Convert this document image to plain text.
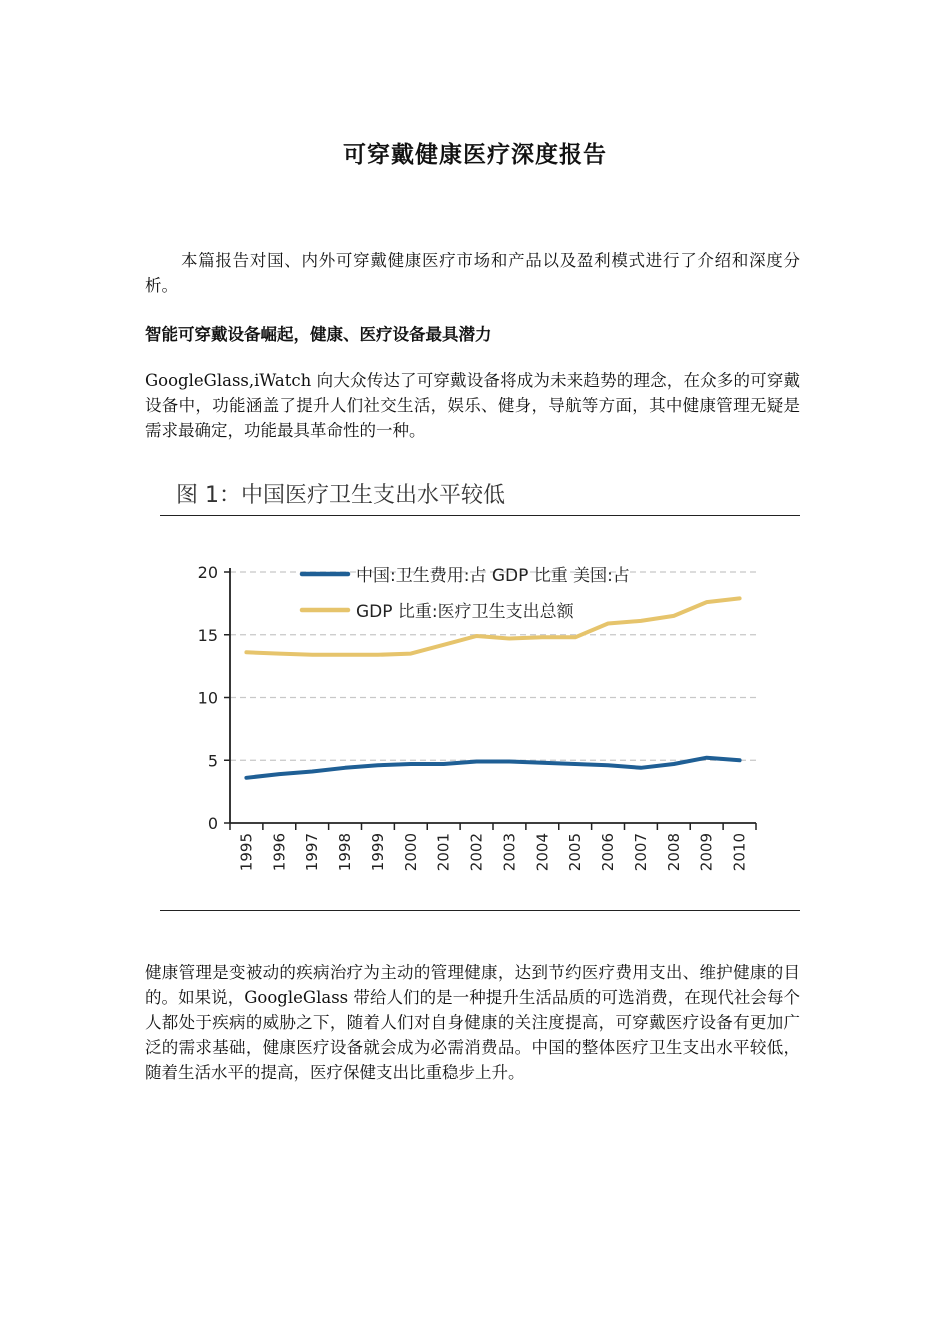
可穿戴健康医疗深度报告

本篇报告对国、内外可穿戴健康医疗市场和产品以及盈利模式进行了介绍和深度分析。

智能可穿戴设备崛起，健康、医疗设备最具潜力

GoogleGlass,iWatch 向大众传达了可穿戴设备将成为未来趋势的理念，在众多的可穿戴设备中，功能涵盖了提升人们社交生活，娱乐、健身，导航等方面，其中健康管理无疑是需求最确定，功能最具革命性的一种。

图 1：中国医疗卫生支出水平较低
0
5
10
15
20
1995 1996 1997 1998 1999 2000 2001 2002 2003 2004 2005 2006 2007 2008 2009 2010
中国:卫生费用:占 GDP 比重 美国:占
GDP 比重:医疗卫生支出总额

健康管理是变被动的疾病治疗为主动的管理健康，达到节约医疗费用支出、维护健康的目的。如果说，GoogleGlass 带给人们的是一种提升生活品质的可选消费，在现代社会每个人都处于疾病的威胁之下，随着人们对自身健康的关注度提高，可穿戴医疗设备有更加广泛的需求基础，健康医疗设备就会成为必需消费品。中国的整体医疗卫生支出水平较低，随着生活水平的提高，医疗保健支出比重稳步上升。
